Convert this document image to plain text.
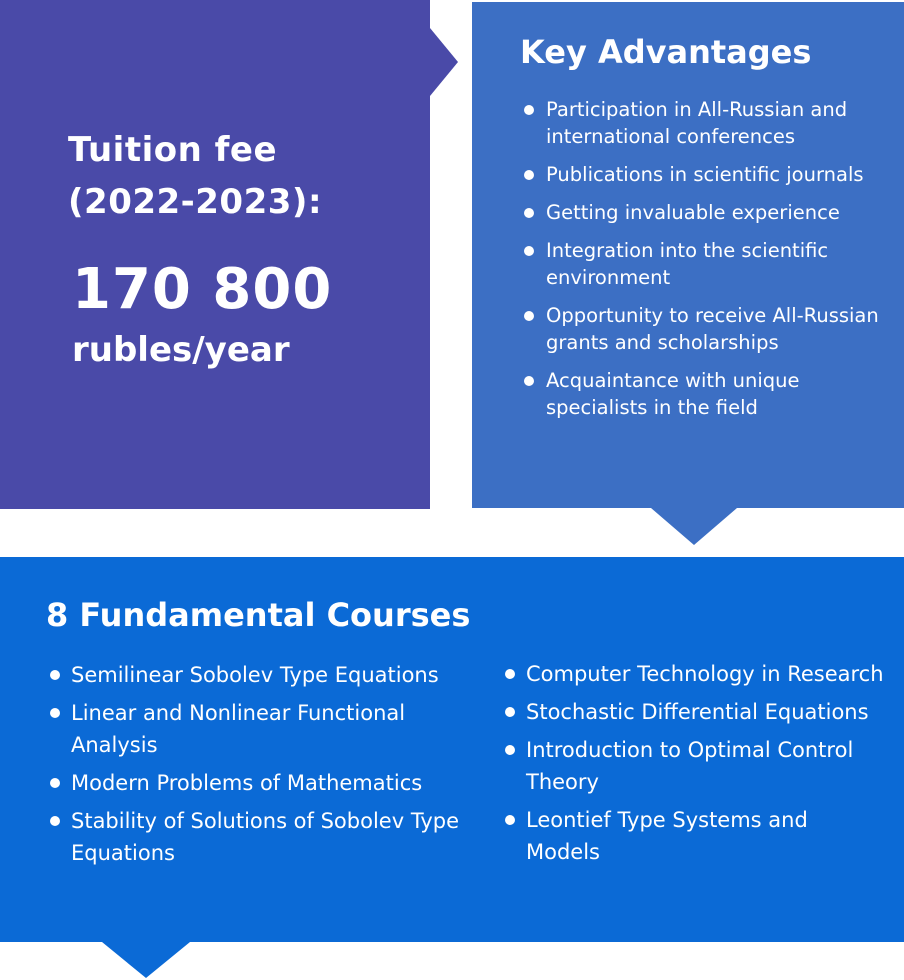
Tuition fee (2022-2023):
170 800
rubles/year
Key Advantages
Participation in All-Russian and international conferences
Publications in scientific journals
Getting invaluable experience
Integration into the scientific environment
Opportunity to receive All-Russian grants and scholarships
Acquaintance with unique specialists in the field
8 Fundamental Courses
Semilinear Sobolev Type Equations
Linear and Nonlinear Functional Analysis
Modern Problems of Mathematics
Stability of Solutions of Sobolev Type Equations
Computer Technology in Research
Stochastic Differential Equations
Introduction to Optimal Control Theory
Leontief Type Systems and Models
